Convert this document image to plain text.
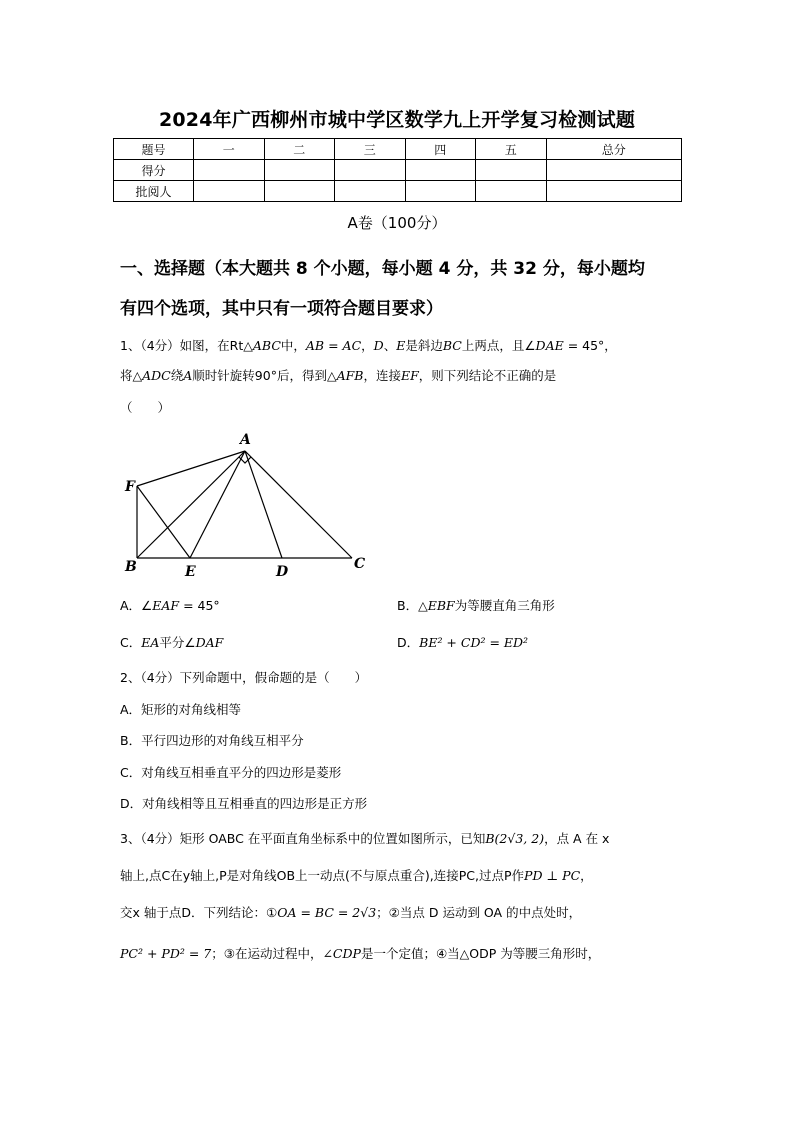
2024年广西柳州市城中学区数学九上开学复习检测试题
题号	一	二	三	四	五	总分
得分						
批阅人						
A卷（100分）
一、选择题（本大题共 8 个小题，每小题 4 分，共 32 分，每小题均
有四个选项，其中只有一项符合题目要求）
1、（4分）如图，在Rt△ABC中，AB = AC，D、E是斜边BC上两点，且∠DAE = 45°，
将△ADC绕A顺时针旋转90°后，得到△AFB，连接EF，则下列结论不正确的是
（　　）
A
F
B	E	D	C
A．∠EAF = 45°	B．△EBF为等腰直角三角形
C．EA平分∠DAF	D．BE² + CD² = ED²
2、（4分）下列命题中，假命题的是（　　）
A．矩形的对角线相等
B．平行四边形的对角线互相平分
C．对角线互相垂直平分的四边形是菱形
D．对角线相等且互相垂直的四边形是正方形
3、（4分）矩形 OABC 在平面直角坐标系中的位置如图所示，已知B(2√3, 2)，点 A 在 x
轴上,点C在y轴上,P是对角线OB上一动点(不与原点重合),连接PC,过点P作PD ⊥ PC，
交x 轴于点D．下列结论：①OA = BC = 2√3；②当点 D 运动到 OA 的中点处时，
PC² + PD² = 7；③在运动过程中，∠CDP是一个定值；④当△ODP 为等腰三角形时，
